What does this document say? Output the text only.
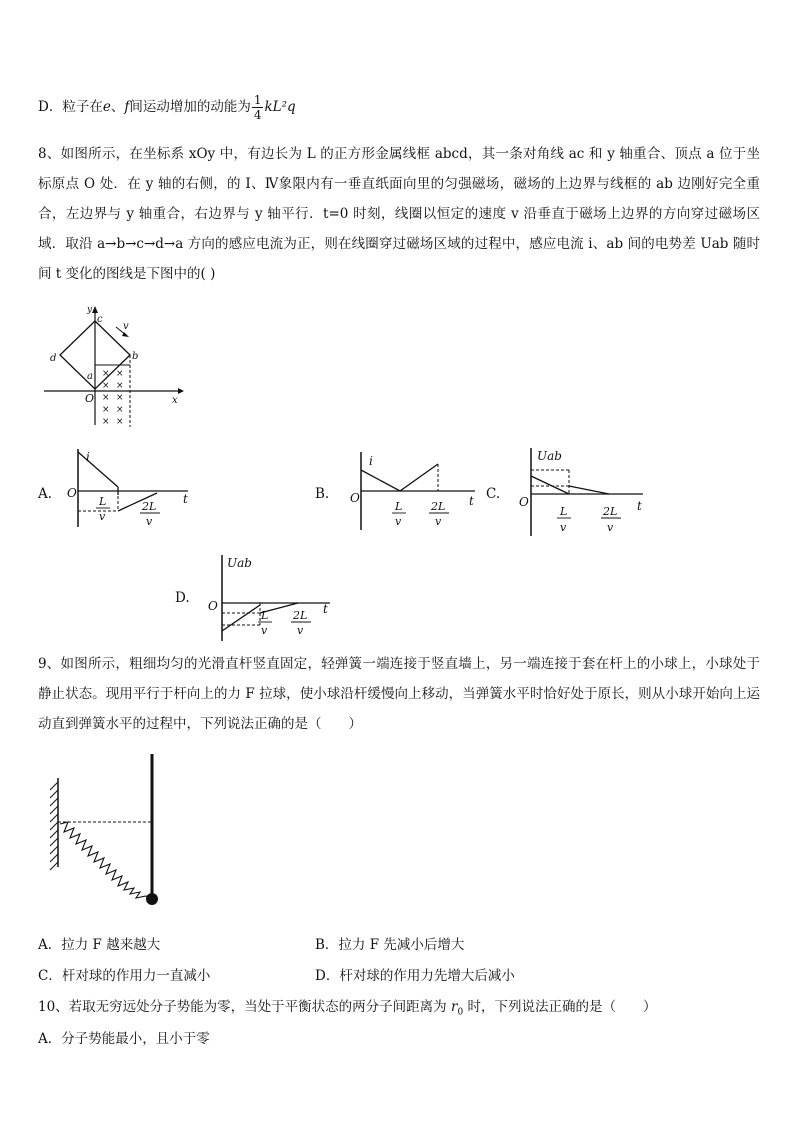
D．粒子在e、f间运动增加的动能为 $\frac{1}{4} kL^2q$
8、如图所示，在坐标系 xOy 中，有边长为 L 的正方形金属线框 abcd，其一条对角线 ac 和 y 轴重合、顶点 a 位于坐标原点 O 处．在 y 轴的右侧，的 I、Ⅳ象限内有一垂直纸面向里的匀强磁场，磁场的上边界与线框的 ab 边刚好完全重合，左边界与 y 轴重合，右边界与 y 轴平行．t=0 时刻，线圈以恒定的速度 v 沿垂直于磁场上边界的方向穿过磁场区域．取沿 a→b→c→d→a 方向的感应电流为正，则在线圈穿过磁场区域的过程中，感应电流 i、ab 间的电势差 Uab 随时间 t 变化的图线是下图中的( )
× ×
× ×
× ×
× ×
× ×
y
x
O
a
b
c
d
v
A.	B.	C.
D.
i
O	t
L
v
2L
v
i
O	t
L
v
2L
v
Uab
O	t
L
v
2L
v
Uab
O	t
L
v
2L
v
9、如图所示，粗细均匀的光滑直杆竖直固定，轻弹簧一端连接于竖直墙上，另一端连接于套在杆上的小球上，小球处于静止状态。现用平行于杆向上的力 F 拉球，使小球沿杆缓慢向上移动，当弹簧水平时恰好处于原长，则从小球开始向上运动直到弹簧水平的过程中，下列说法正确的是（　　）
A．拉力 F 越来越大	B．拉力 F 先减小后增大
C．杆对球的作用力一直减小	D．杆对球的作用力先增大后减小
10、若取无穷远处分子势能为零，当处于平衡状态的两分子间距离为 $r_0$ 时，下列说法正确的是（　　）
A．分子势能最小，且小于零
